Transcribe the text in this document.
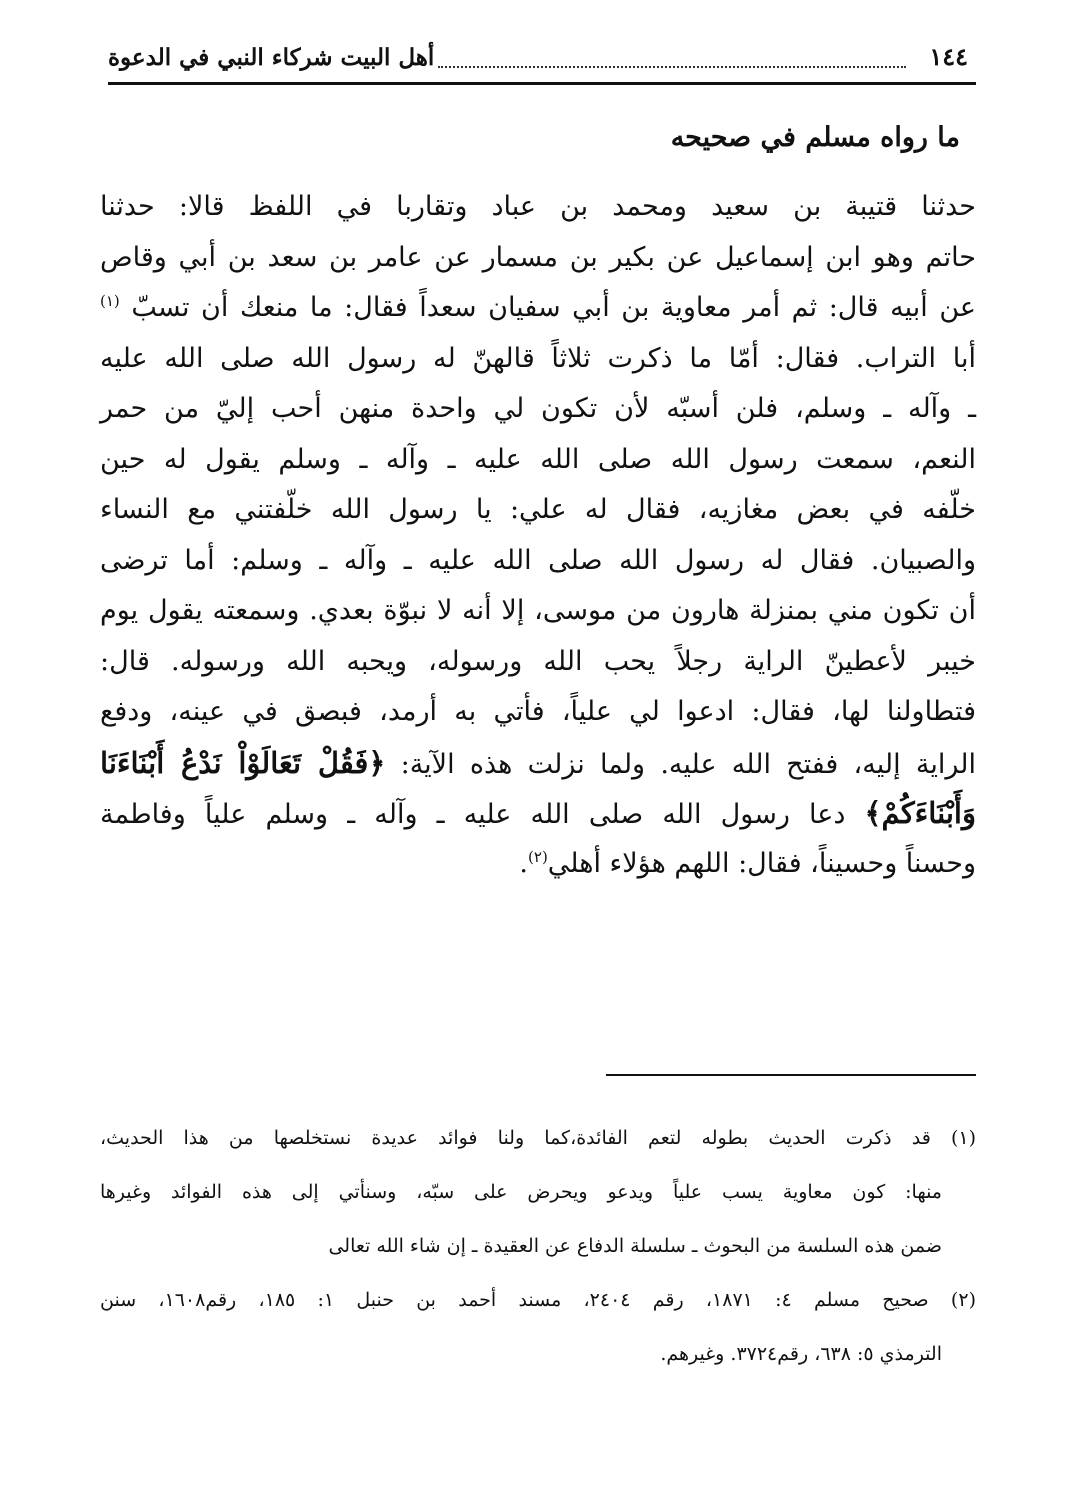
١٤٤
أهل البيت شركاء النبي في الدعوة
ما رواه مسلم في صحيحه
حدثنا قتيبة بن سعيد ومحمد بن عباد وتقاربا في اللفظ قالا: حدثنا
حاتم وهو ابن إسماعيل عن بكير بن مسمار عن عامر بن سعد بن أبي وقاص
عن أبيه قال: ثم أمر معاوية بن أبي سفيان سعداً فقال: ما منعك أن تسبّ $^{(١)}$
أبا التراب. فقال: أمّا ما ذكرت ثلاثاً قالهنّ له رسول الله صلى الله عليه
ـ وآله ـ وسلم، فلن أسبّه لأن تكون لي واحدة منهن أحب إليّ من حمر
النعم، سمعت رسول الله صلى الله عليه ـ وآله ـ وسلم يقول له حين
خلّفه في بعض مغازيه، فقال له علي: يا رسول الله خلّفتني مع النساء
والصبيان. فقال له رسول الله صلى الله عليه ـ وآله ـ وسلم: أما ترضى
أن تكون مني بمنزلة هارون من موسى، إلا أنه لا نبوّة بعدي. وسمعته يقول يوم
خيبر لأعطينّ الراية رجلاً يحب الله ورسوله، ويحبه الله ورسوله. قال:
فتطاولنا لها، فقال: ادعوا لي علياً، فأتي به أرمد، فبصق في عينه، ودفع
الراية إليه، ففتح الله عليه. ولما نزلت هذه الآية: ﴿فَقُلْ تَعَالَوْاْ نَدْعُ أَبْنَاءَنَا
وَأَبْنَاءَكُمْ﴾ دعا رسول الله صلى الله عليه ـ وآله ـ وسلم علياً وفاطمة
وحسناً وحسيناً، فقال: اللهم هؤلاء أهلي$^{(٢)}$.
(١) قد ذكرت الحديث بطوله لتعم الفائدة،كما ولنا فوائد عديدة نستخلصها من هذا الحديث،
منها: كون معاوية يسب علياً ويدعو ويحرض على سبّه، وسنأتي إلى هذه الفوائد وغيرها
ضمن هذه السلسة من البحوث ـ سلسلة الدفاع عن العقيدة ـ إن شاء الله تعالى
(٢) صحيح مسلم ٤: ١٨٧١، رقم ٢٤٠٤، مسند أحمد بن حنبل ١: ١٨٥، رقم١٦٠٨، سنن
الترمذي ٥: ٦٣٨، رقم٣٧٢٤. وغيرهم.
